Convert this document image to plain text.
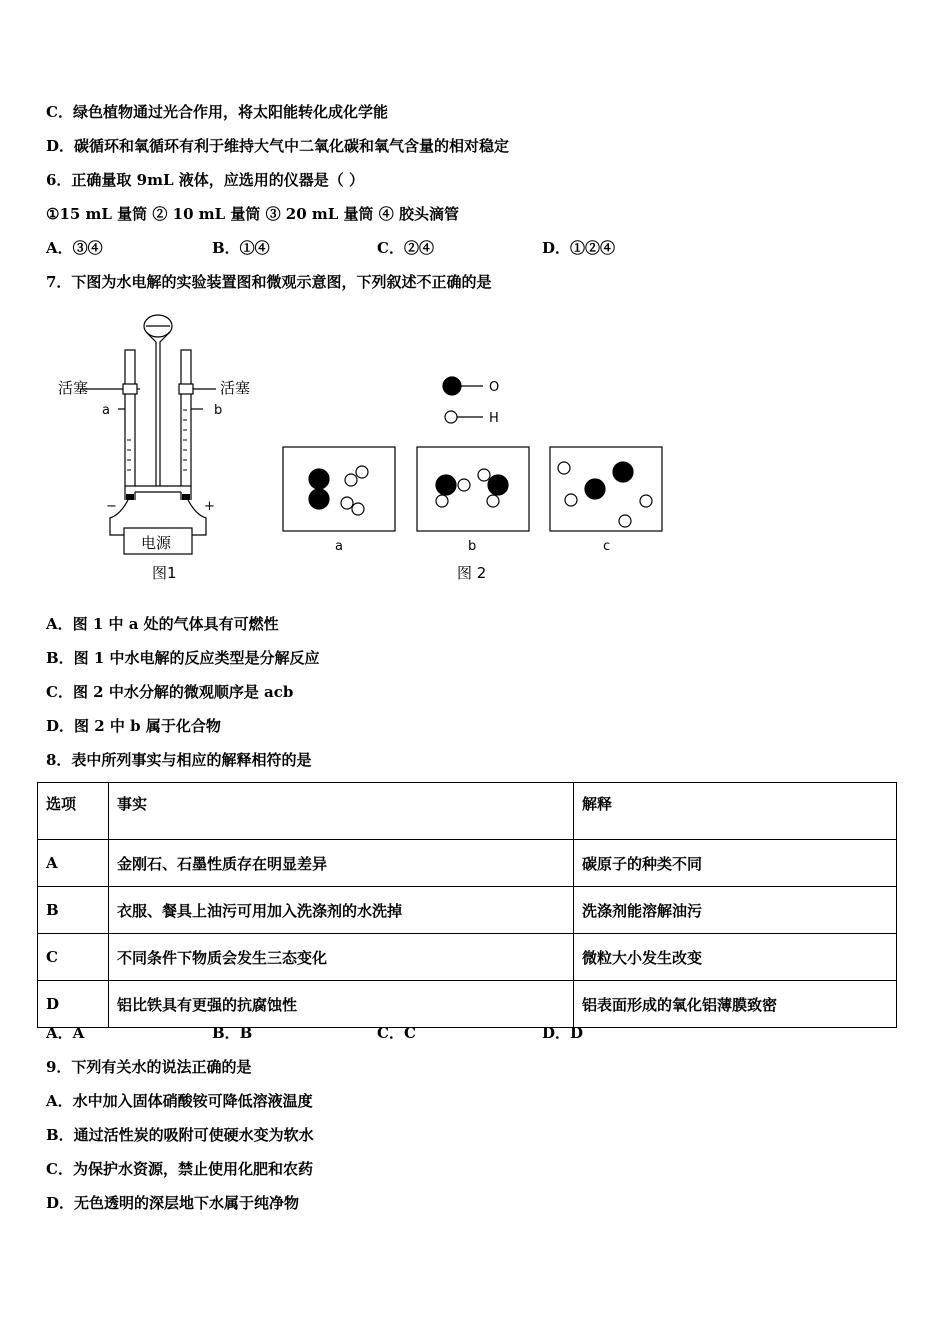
C．绿色植物通过光合作用，将太阳能转化成化学能
D．碳循环和氧循环有利于维持大气中二氧化碳和氧气含量的相对稳定
6．正确量取 9mL 液体，应选用的仪器是（ ）
①15 mL 量筒 ② 10 mL 量筒 ③ 20 mL 量筒 ④ 胶头滴管
A．③④	B．①④	C．②④	D．①②④
7．下图为水电解的实验装置图和微观示意图，下列叙述不正确的是
活塞	活塞
a	b
−	+
电源
图1
O
H
a	b	c
图 2
A．图 1 中 a 处的气体具有可燃性
B．图 1 中水电解的反应类型是分解反应
C．图 2 中水分解的微观顺序是 acb
D．图 2 中 b 属于化合物
8．表中所列事实与相应的解释相符的是
选项	事实	解释
A	金刚石、石墨性质存在明显差异	碳原子的种类不同
B	衣服、餐具上油污可用加入洗涤剂的水洗掉	洗涤剂能溶解油污
C	不同条件下物质会发生三态变化	微粒大小发生改变
D	铝比铁具有更强的抗腐蚀性	铝表面形成的氧化铝薄膜致密
A．A	B．B	C．C	D．D
9．下列有关水的说法正确的是
A．水中加入固体硝酸铵可降低溶液温度
B．通过活性炭的吸附可使硬水变为软水
C．为保护水资源，禁止使用化肥和农药
D．无色透明的深层地下水属于纯净物
